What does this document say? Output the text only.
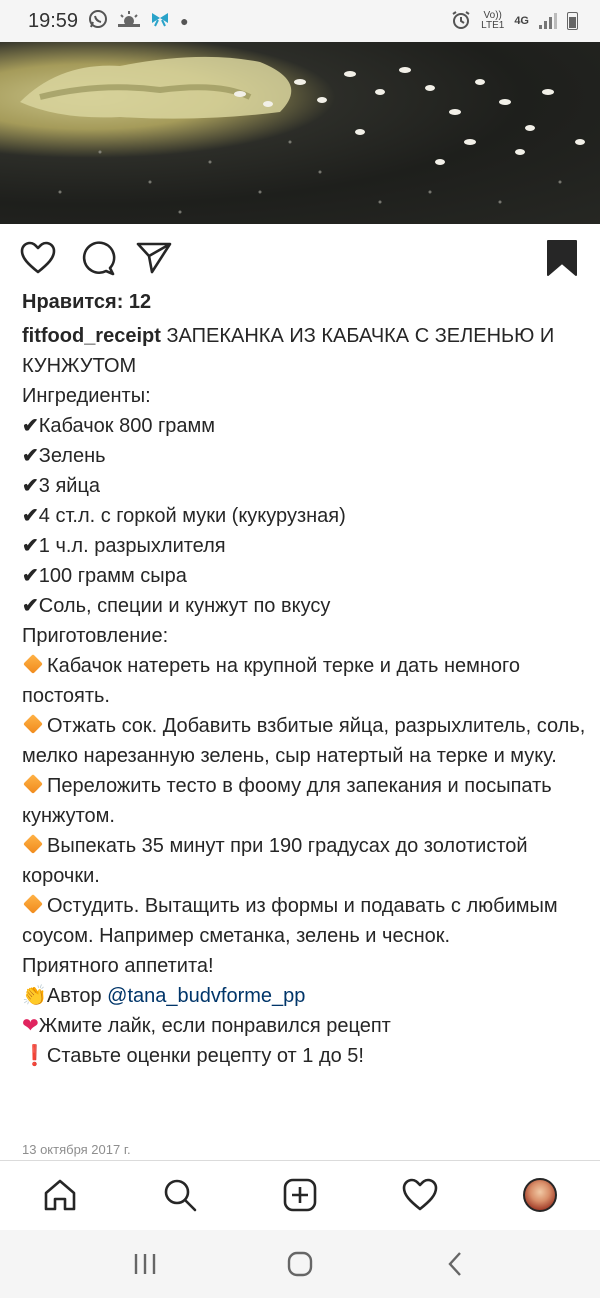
19:59	●	Vo))
LTE1 4G
Нравится: 12
fitfood_receipt ЗАПЕКАНКА ИЗ КАБАЧКА С ЗЕЛЕНЬЮ И КУНЖУТОМ
Ингредиенты:
✔Кабачок 800 грамм
✔Зелень
✔3 яйца
✔4 ст.л. с горкой муки (кукурузная)
✔1 ч.л. разрыхлителя
✔100 грамм сыра
✔Соль, специи и кунжут по вкусу
Приготовление:
Кабачок натереть на крупной терке и дать немного постоять.
Отжать сок. Добавить взбитые яйца, разрыхлитель, соль, мелко нарезанную зелень, сыр натертый на терке и муку.
Переложить тесто в фоому для запекания и посыпать кунжутом.
Выпекать 35 минут при 190 градусах до золотистой корочки.
Остудить. Вытащить из формы и подавать с любимым соусом. Например сметанка, зелень и чеснок.
Приятного аппетита!
👏Автор @tana_budvforme_pp
❤Жмите лайк, если понравился рецепт
❗Ставьте оценки рецепту от 1 до 5!
13 октября 2017 г.
